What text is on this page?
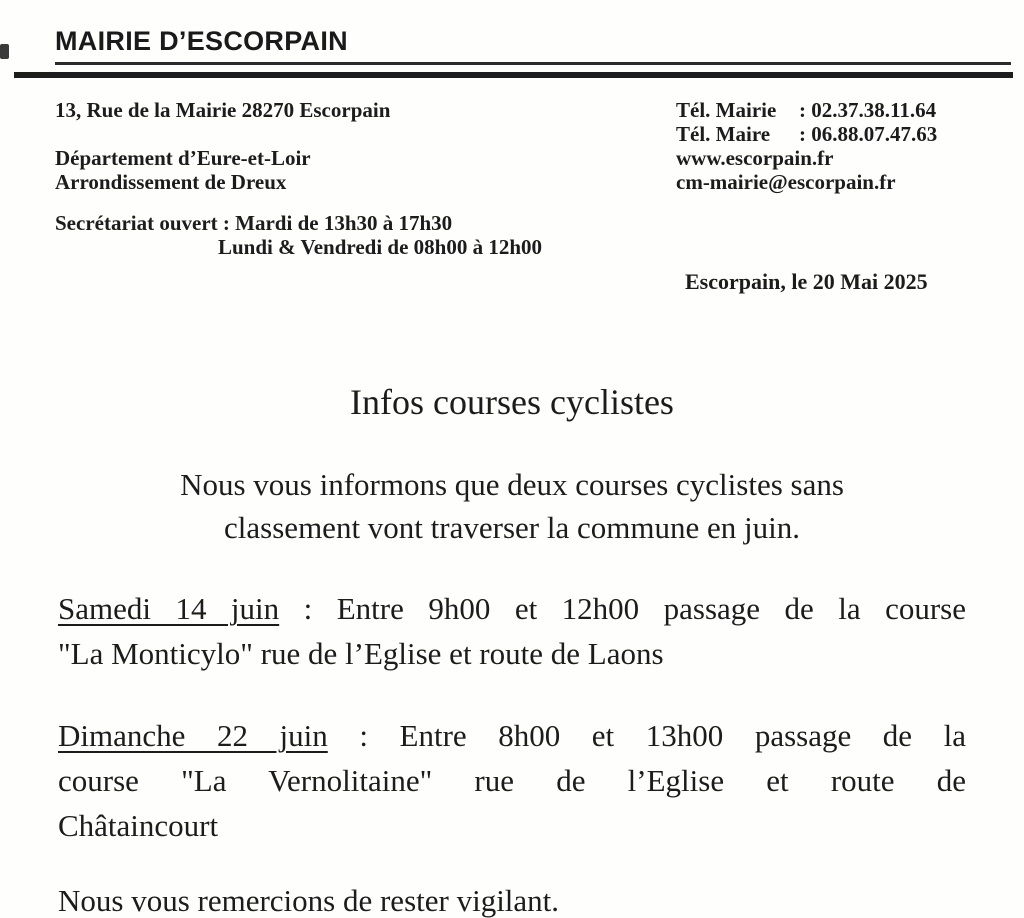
MAIRIE D’ESCORPAIN
13, Rue de la Mairie 28270 Escorpain
Département d’Eure-et-Loir
Arrondissement de Dreux
Secrétariat ouvert : Mardi de 13h30 à 17h30
Lundi & Vendredi de 08h00 à 12h00
Tél. Mairie	: 02.37.38.11.64
Tél. Maire	: 06.88.07.47.63
www.escorpain.fr
cm-mairie@escorpain.fr
Escorpain, le 20 Mai 2025
Infos courses cyclistes
Nous vous informons que deux courses cyclistes sans
classement vont traverser la commune en juin.
Samedi 14 juin : Entre 9h00 et 12h00 passage de la course
"La Monticylo" rue de l’Eglise et route de Laons
Dimanche 22 juin : Entre 8h00 et 13h00 passage de la
course "La Vernolitaine" rue de l’Eglise et route de
Châtaincourt
Nous vous remercions de rester vigilant.
